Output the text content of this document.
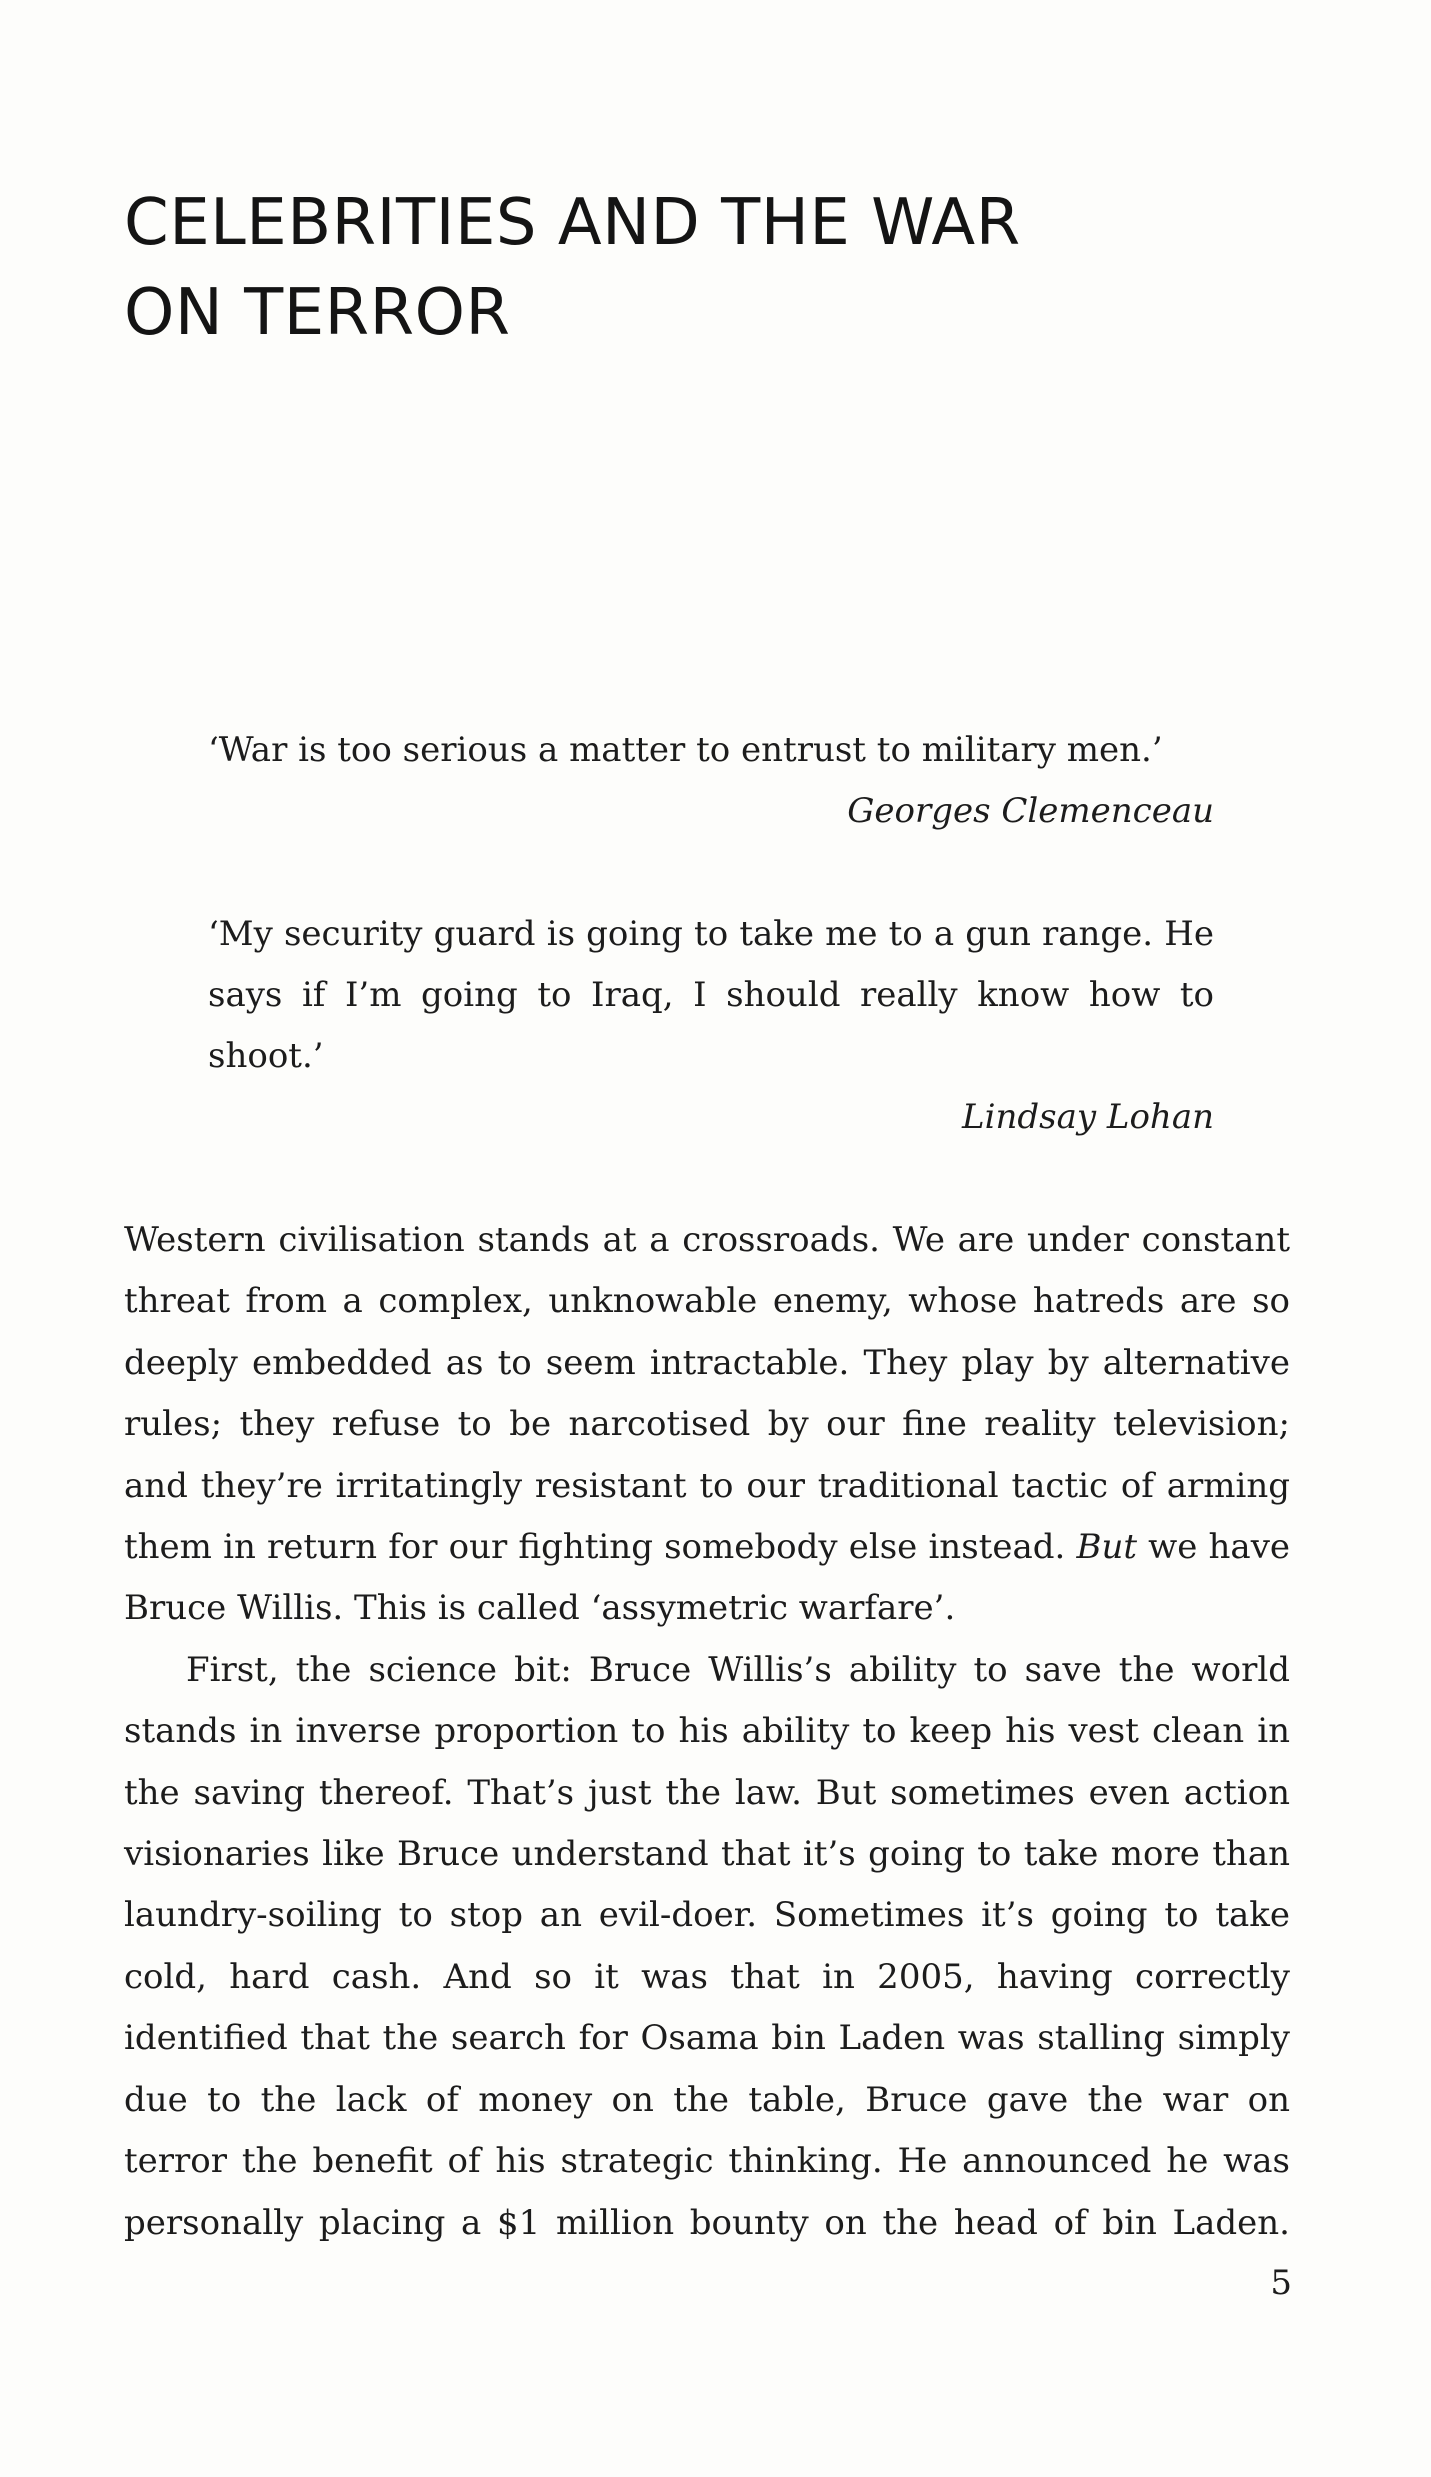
CELEBRITIES AND THE WAR
ON TERROR

‘War is too serious a matter to entrust to military men.’

Georges Clemenceau

‘My security guard is going to take me to a gun range. He says if I’m going to Iraq, I should really know how to shoot.’

Lindsay Lohan

Western civilisation stands at a crossroads. We are under constant threat from a complex, unknowable enemy, whose hatreds are so deeply embedded as to seem intractable. They play by alternative rules; they refuse to be narcotised by our fine reality television; and they’re irritatingly resistant to our traditional tactic of arming them in return for our fighting somebody else instead. But we have Bruce Willis. This is called ‘assymetric warfare’.

First, the science bit: Bruce Willis’s ability to save the world stands in inverse proportion to his ability to keep his vest clean in the saving thereof. That’s just the law. But sometimes even action visionaries like Bruce understand that it’s going to take more than laundry-soiling to stop an evil-doer. Sometimes it’s going to take cold, hard cash. And so it was that in 2005, having correctly identified that the search for Osama bin Laden was stalling simply due to the lack of money on the table, Bruce gave the war on terror the benefit of his strategic thinking. He announced he was personally placing a $1 million bounty on the head of bin Laden.

5
